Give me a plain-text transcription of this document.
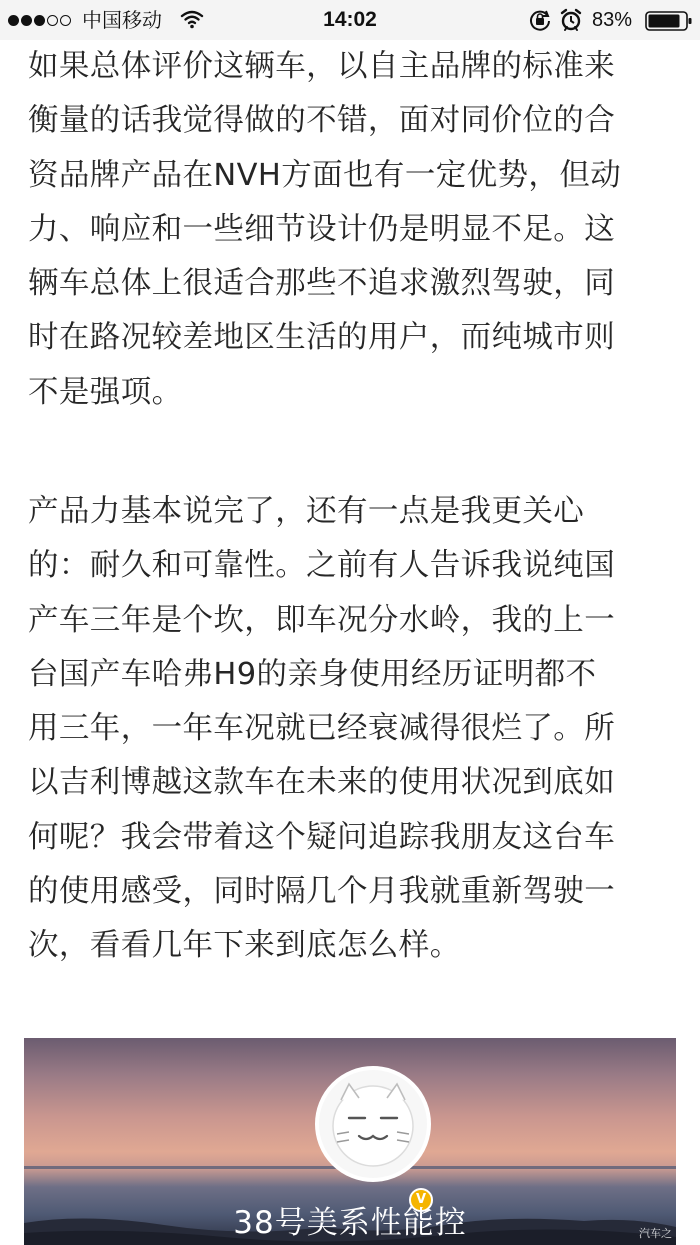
中国移动	14:02	83%

如果总体评价这辆车，以自主品牌的标准来
衡量的话我觉得做的不错，面对同价位的合
资品牌产品在NVH方面也有一定优势，但动
力、响应和一些细节设计仍是明显不足。这
辆车总体上很适合那些不追求激烈驾驶，同
时在路况较差地区生活的用户，而纯城市则
不是强项。

产品力基本说完了，还有一点是我更关心
的：耐久和可靠性。之前有人告诉我说纯国
产车三年是个坎，即车况分水岭，我的上一
台国产车哈弗H9的亲身使用经历证明都不
用三年，一年车况就已经衰减得很烂了。所
以吉利博越这款车在未来的使用状况到底如
何呢？我会带着这个疑问追踪我朋友这台车
的使用感受，同时隔几个月我就重新驾驶一
次，看看几年下来到底怎么样。

V
38号美系性能控	汽车之
